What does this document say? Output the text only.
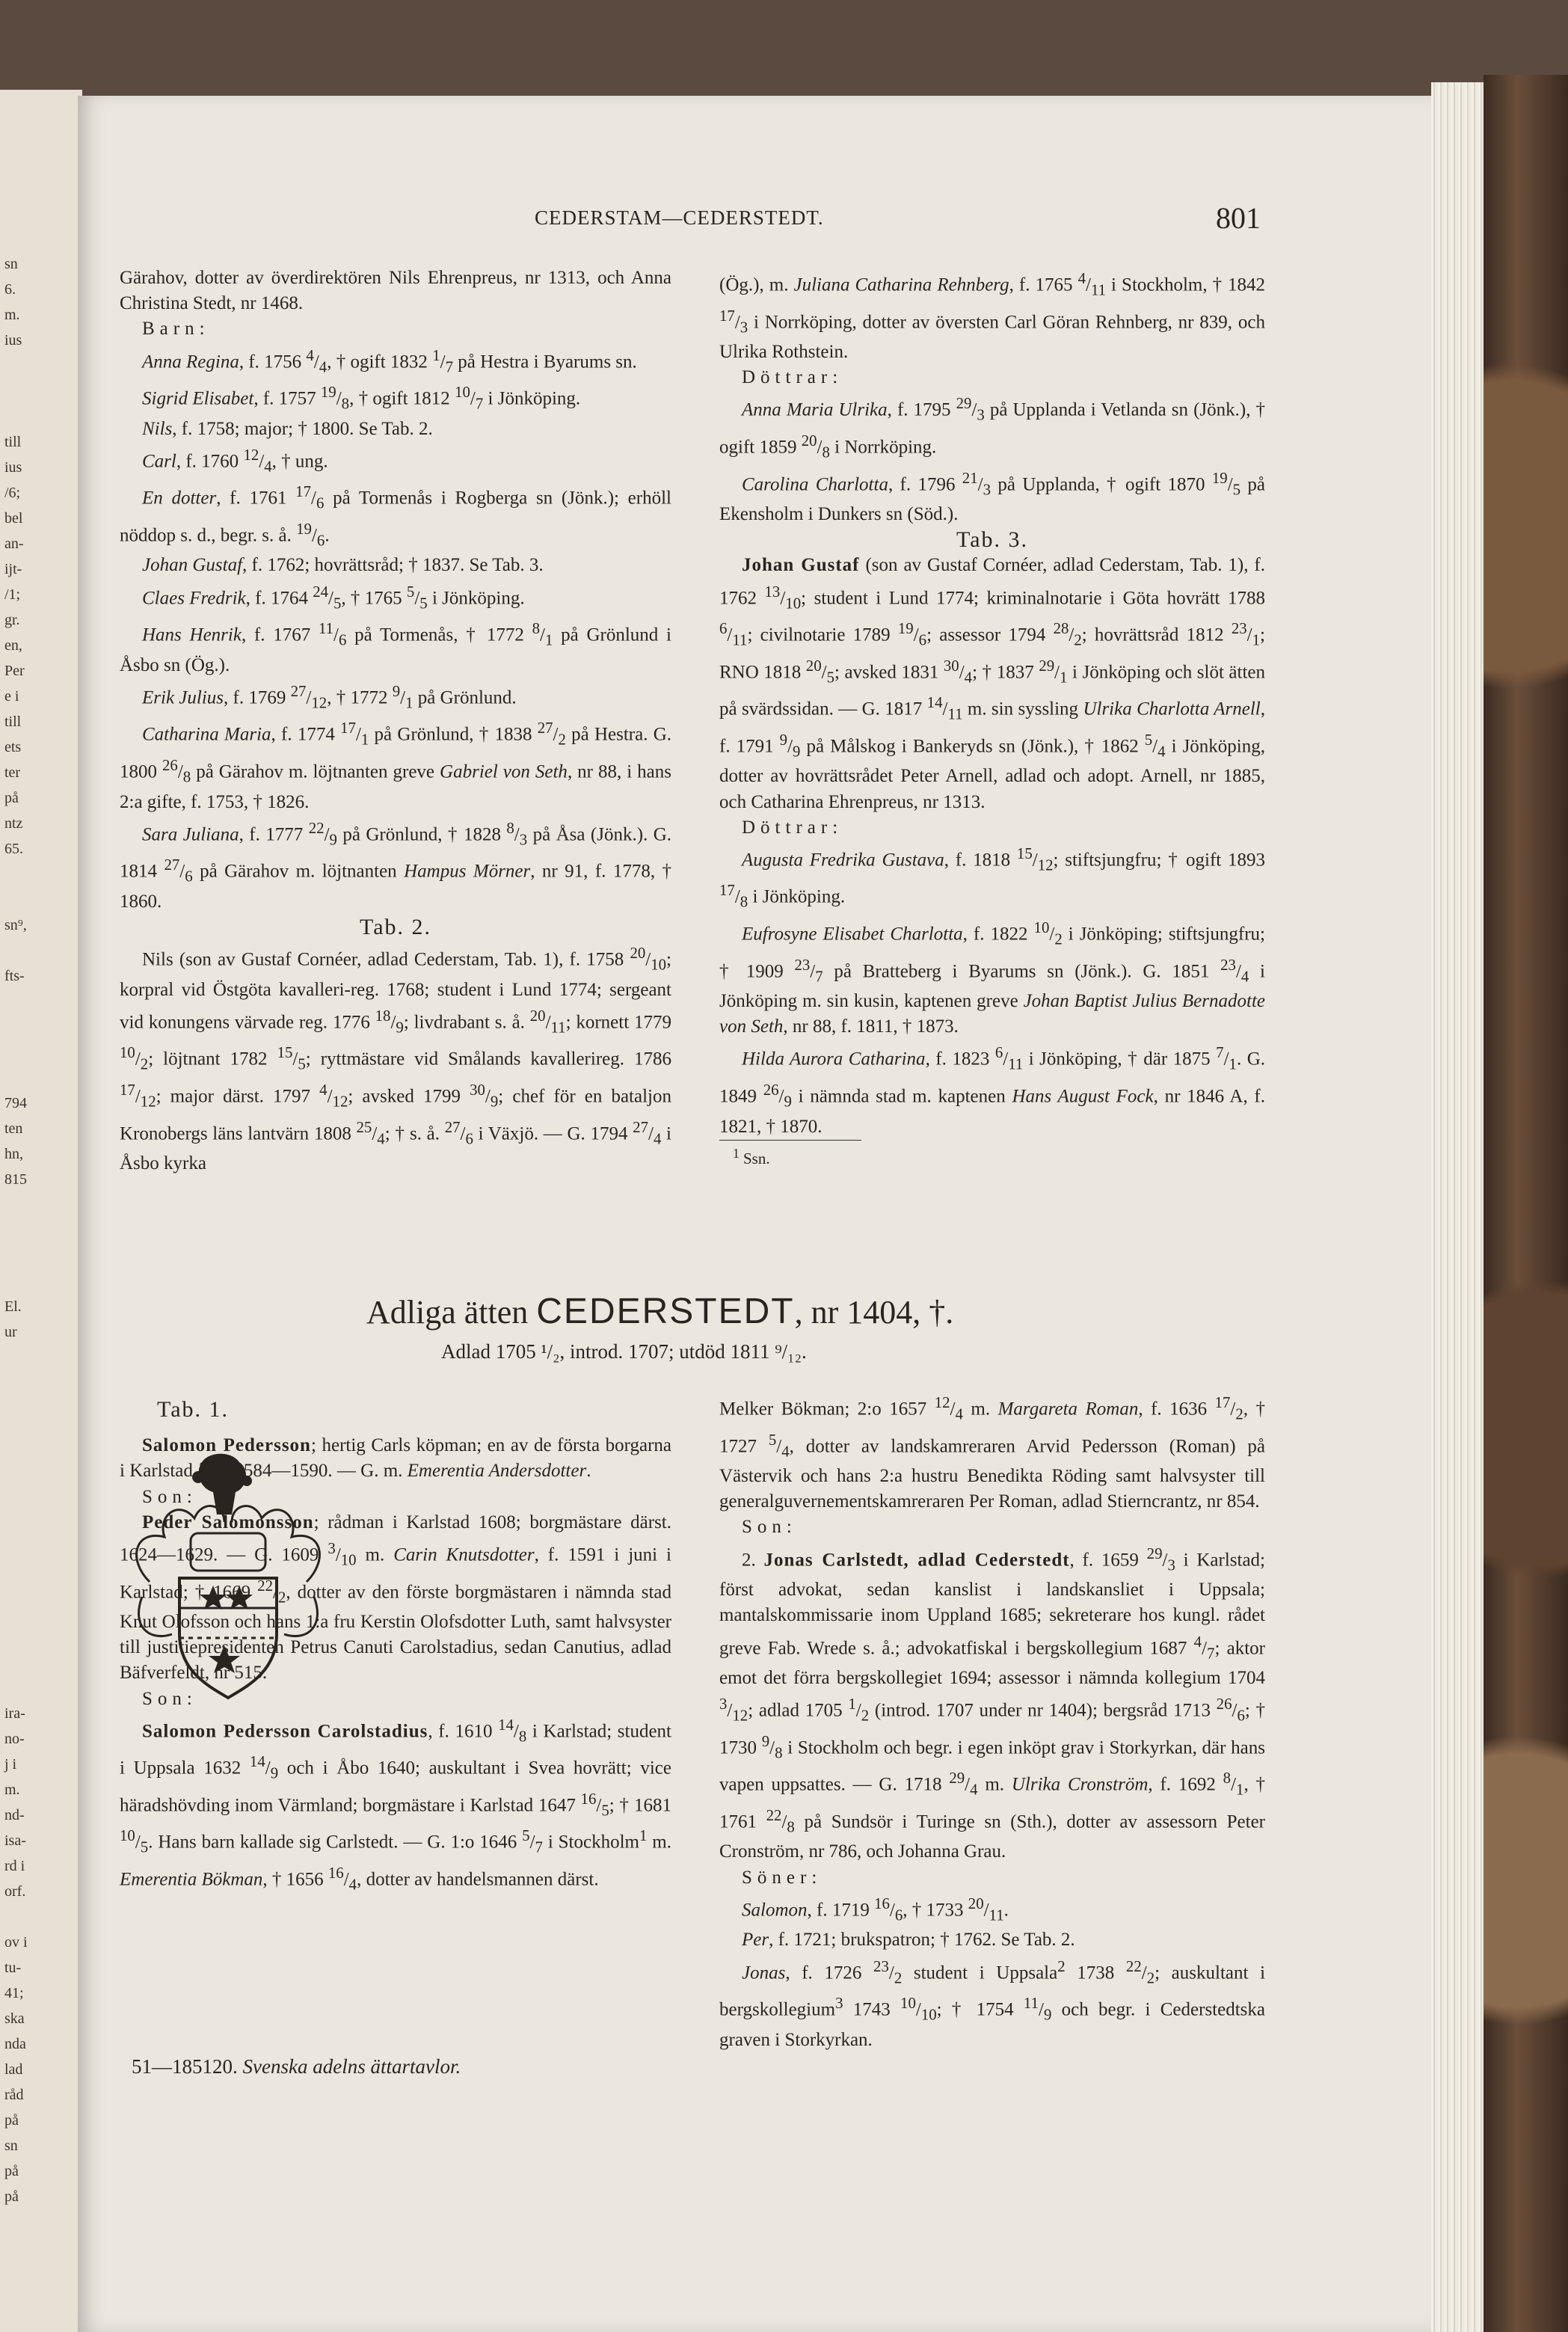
sn
6.
m.
ius
till
ius
/6;
bel
an-
ijt-
/1;
gr.
en,
Per
e i
till
ets
ter
på
ntz
65.
sn⁹,
fts-
794
ten
hn,
815
El.
ur
ira-
no-
j i
m.
nd-
isa-
rd i
orf.
ov i
tu-
41;
ska
nda
lad
råd
på
sn
på
på
CEDERSTAM—CEDERSTEDT.	801

Gärahov, dotter av överdirektören Nils Ehrenpreus, nr 1313, och Anna Christina Stedt, nr 1468.

Barn:

Anna Regina, f. 1756 $^4/_4$, † ogift 1832 $^1/_7$ på Hestra i Byarums sn.

Sigrid Elisabet, f. 1757 $^{19}/_8$, † ogift 1812 $^{10}/_7$ i Jönköping.

Nils, f. 1758; major; † 1800. Se Tab. 2.

Carl, f. 1760 $^{12}/_4$, † ung.

En dotter, f. 1761 $^{17}/_6$ på Tormenås i Rogberga sn (Jönk.); erhöll nöddop s. d., begr. s. å. $^{19}/_6$.

Johan Gustaf, f. 1762; hovrättsråd; † 1837. Se Tab. 3.

Claes Fredrik, f. 1764 $^{24}/_5$, † 1765 $^5/_5$ i Jönköping.

Hans Henrik, f. 1767 $^{11}/_6$ på Tormenås, † 1772 $^8/_1$ på Grönlund i Åsbo sn (Ög.).

Erik Julius, f. 1769 $^{27}/_{12}$, † 1772 $^9/_1$ på Grönlund.

Catharina Maria, f. 1774 $^{17}/_1$ på Grönlund, † 1838 $^{27}/_2$ på Hestra. G. 1800 $^{26}/_8$ på Gärahov m. löjtnanten greve Gabriel von Seth, nr 88, i hans 2:a gifte, f. 1753, † 1826.

Sara Juliana, f. 1777 $^{22}/_9$ på Grönlund, † 1828 $^8/_3$ på Åsa (Jönk.). G. 1814 $^{27}/_6$ på Gärahov m. löjtnanten Hampus Mörner, nr 91, f. 1778, † 1860.

Tab. 2.

Nils (son av Gustaf Cornéer, adlad Cederstam, Tab. 1), f. 1758 $^{20}/_{10}$; korpral vid Östgöta kavalleri-reg. 1768; student i Lund 1774; sergeant vid konungens värvade reg. 1776 $^{18}/_9$; livdrabant s. å. $^{20}/_{11}$; kornett 1779 $^{10}/_2$; löjtnant 1782 $^{15}/_5$; ryttmästare vid Smålands kavallerireg. 1786 $^{17}/_{12}$; major därst. 1797 $^4/_{12}$; avsked 1799 $^{30}/_9$; chef för en bataljon Kronobergs läns lantvärn 1808 $^{25}/_4$; † s. å. $^{27}/_6$ i Växjö. — G. 1794 $^{27}/_4$ i Åsbo kyrka

(Ög.), m. Juliana Catharina Rehnberg, f. 1765 $^4/_{11}$ i Stockholm, † 1842 $^{17}/_3$ i Norrköping, dotter av översten Carl Göran Rehnberg, nr 839, och Ulrika Rothstein.

Döttrar:

Anna Maria Ulrika, f. 1795 $^{29}/_3$ på Upplanda i Vetlanda sn (Jönk.), † ogift 1859 $^{20}/_8$ i Norrköping.

Carolina Charlotta, f. 1796 $^{21}/_3$ på Upplanda, † ogift 1870 $^{19}/_5$ på Ekensholm i Dunkers sn (Söd.).

Tab. 3.

Johan Gustaf (son av Gustaf Cornéer, adlad Cederstam, Tab. 1), f. 1762 $^{13}/_{10}$; student i Lund 1774; kriminalnotarie i Göta hovrätt 1788 $^6/_{11}$; civilnotarie 1789 $^{19}/_6$; assessor 1794 $^{28}/_2$; hovrättsråd 1812 $^{23}/_1$; RNO 1818 $^{20}/_5$; avsked 1831 $^{30}/_4$; † 1837 $^{29}/_1$ i Jönköping och slöt ätten på svärdssidan. — G. 1817 $^{14}/_{11}$ m. sin syssling Ulrika Charlotta Arnell, f. 1791 $^9/_9$ på Målskog i Bankeryds sn (Jönk.), † 1862 $^5/_4$ i Jönköping, dotter av hovrättsrådet Peter Arnell, adlad och adopt. Arnell, nr 1885, och Catharina Ehrenpreus, nr 1313.

Döttrar:

Augusta Fredrika Gustava, f. 1818 $^{15}/_{12}$; stiftsjungfru; † ogift 1893 $^{17}/_8$ i Jönköping.

Eufrosyne Elisabet Charlotta, f. 1822 $^{10}/_2$ i Jönköping; stiftsjungfru; † 1909 $^{23}/_7$ på Bratteberg i Byarums sn (Jönk.). G. 1851 $^{23}/_4$ i Jönköping m. sin kusin, kaptenen greve Johan Baptist Julius Bernadotte von Seth, nr 88, f. 1811, † 1873.

Hilda Aurora Catharina, f. 1823 $^6/_{11}$ i Jönköping, † där 1875 $^7/_1$. G. 1849 $^{26}/_9$ i nämnda stad m. kaptenen Hans August Fock, nr 1846 A, f. 1821, † 1870.

$^1$ Ssn.

Adliga ätten CEDERSTEDT, nr 1404, †.
Adlad 1705 ¹/₂, introd. 1707; utdöd 1811 ⁹/₁₂.

Tab. 1.

Salomon Pedersson; hertig Carls köpman; en av de första borgarna i Karlstad åren 1584—1590. — G. m. Emerentia Andersdotter.

Son:

Peder Salomonsson; rådman i Karlstad 1608; borgmästare därst. 1624—1629. — G. 1609 $^3/_{10}$ m. Carin Knutsdotter, f. 1591 i juni i Karlstad; † 1669 $^{22}/_2$, dotter av den förste borgmästaren i nämnda stad Knut Olofsson och hans 1:a fru Kerstin Olofsdotter Luth, samt halvsyster till justitiepresidenten Petrus Canuti Carolstadius, sedan Canutius, adlad Bäfverfeldt, nr 515.

Son:

Salomon Pedersson Carolstadius, f. 1610 $^{14}/_8$ i Karlstad; student i Uppsala 1632 $^{14}/_9$ och i Åbo 1640; auskultant i Svea hovrätt; vice häradshövding inom Värmland; borgmästare i Karlstad 1647 $^{16}/_5$; † 1681 $^{10}/_5$. Hans barn kallade sig Carlstedt. — G. 1:o 1646 $^5/_7$ i Stockholm$^1$ m. Emerentia Bökman, † 1656 $^{16}/_4$, dotter av handelsmannen därst.

Melker Bökman; 2:o 1657 $^{12}/_4$ m. Margareta Roman, f. 1636 $^{17}/_2$, † 1727 $^5/_4$, dotter av landskamreraren Arvid Pedersson (Roman) på Västervik och hans 2:a hustru Benedikta Röding samt halvsyster till generalguvernementskamreraren Per Roman, adlad Stierncrantz, nr 854.

Son:

2. Jonas Carlstedt, adlad Cederstedt, f. 1659 $^{29}/_3$ i Karlstad; först advokat, sedan kanslist i landskansliet i Uppsala; mantalskommissarie inom Uppland 1685; sekreterare hos kungl. rådet greve Fab. Wrede s. å.; advokatfiskal i bergskollegium 1687 $^4/_7$; aktor emot det förra bergskollegiet 1694; assessor i nämnda kollegium 1704 $^3/_{12}$; adlad 1705 $^1/_2$ (introd. 1707 under nr 1404); bergsråd 1713 $^{26}/_6$; † 1730 $^9/_8$ i Stockholm och begr. i egen inköpt grav i Storkyrkan, där hans vapen uppsattes. — G. 1718 $^{29}/_4$ m. Ulrika Cronström, f. 1692 $^8/_1$, † 1761 $^{22}/_8$ på Sundsör i Turinge sn (Sth.), dotter av assessorn Peter Cronström, nr 786, och Johanna Grau.

Söner:

Salomon, f. 1719 $^{16}/_6$, † 1733 $^{20}/_{11}$.

Per, f. 1721; brukspatron; † 1762. Se Tab. 2.

Jonas, f. 1726 $^{23}/_2$ student i Uppsala$^2$ 1738 $^{22}/_2$; auskultant i bergskollegium$^3$ 1743 $^{10}/_{10}$; † 1754 $^{11}/_9$ och begr. i Cederstedtska graven i Storkyrkan.

51—185120. Svenska adelns ättartavlor.
